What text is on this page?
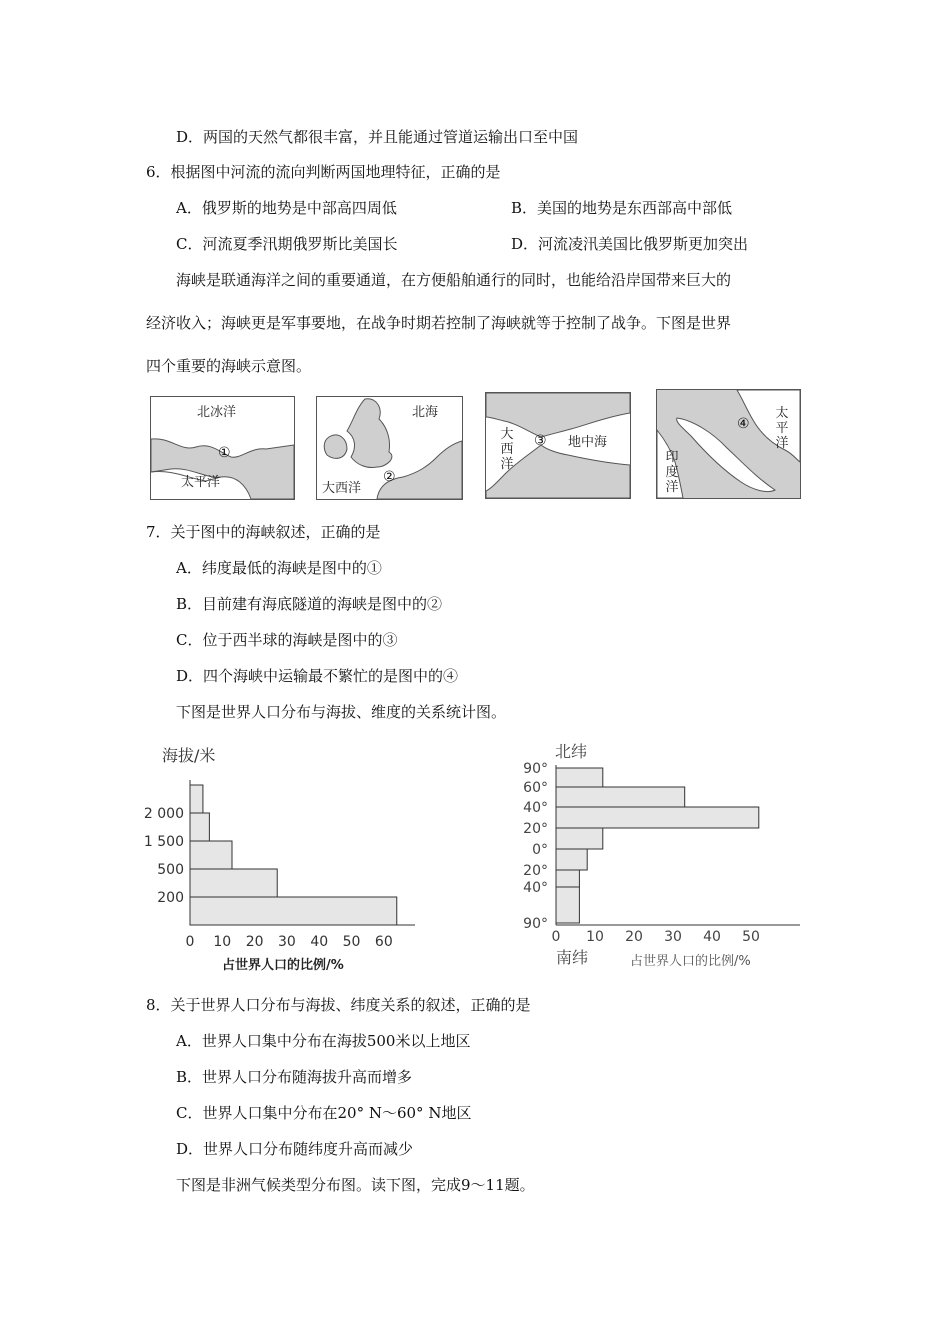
D．两国的天然气都很丰富，并且能通过管道运输出口至中国
6．根据图中河流的流向判断两国地理特征，正确的是
A．俄罗斯的地势是中部高四周低	B．美国的地势是东西部高中部低
C．河流夏季汛期俄罗斯比美国长	D．河流凌汛美国比俄罗斯更加突出
海峡是联通海洋之间的重要通道，在方便船舶通行的同时，也能给沿岸国带来巨大的
经济收入；海峡更是军事要地，在战争时期若控制了海峡就等于控制了战争。下图是世界
四个重要的海峡示意图。
北冰洋
①
太平洋
北海
②
大西洋
大西洋
③ 地中海
印度洋
④
太平洋
7．关于图中的海峡叙述，正确的是
A．纬度最低的海峡是图中的①
B．目前建有海底隧道的海峡是图中的②
C．位于西半球的海峡是图中的③
D．四个海峡中运输最不繁忙的是图中的④
下图是世界人口分布与海拔、维度的关系统计图。
海拔/米
200
500
1 500
2 000
0 10 20 30 40 50 60
占世界人口的比例/%
北纬
90°
60°
40°
20°
0°
20°
40°
90°
0 10 20 30 40 50
南纬	占世界人口的比例/%
8．关于世界人口分布与海拔、纬度关系的叙述，正确的是
A．世界人口集中分布在海拔500米以上地区
B．世界人口分布随海拔升高而增多
C．世界人口集中分布在20° N～60° N地区
D．世界人口分布随纬度升高而减少
下图是非洲气候类型分布图。读下图，完成9～11题。
